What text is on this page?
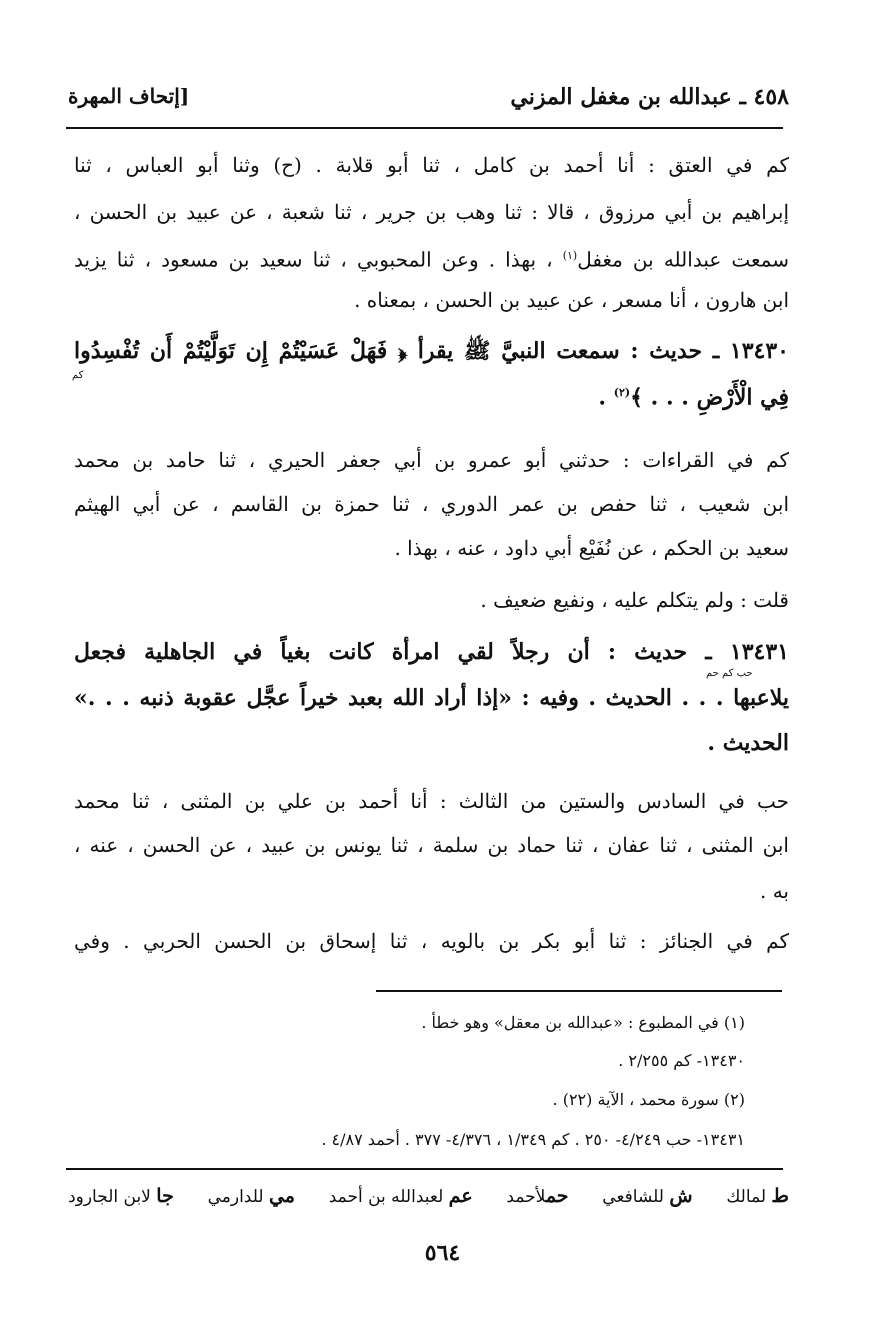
٤٥٨ ـ عبدالله بن مغفل المزني
[إتحاف المهرة
كم في العتق : أنا أحمد بن كامل ، ثنا أبو قلابة . (ح) وثنا أبو العباس ، ثنا
إبراهيم بن أبي مرزوق ، قالا : ثنا وهب بن جرير ، ثنا شعبة ، عن عبيد بن الحسن ،
سمعت عبدالله بن مغفل$^{(١)}$ ، بهذا . وعن المحبوبي ، ثنا سعيد بن مسعود ، ثنا يزيد
ابن هارون ، أنا مسعر ، عن عبيد بن الحسن ، بمعناه .
١٣٤٣٠ ـ حديث : سمعت النبيَّ ﷺ يقرأ ﴿ فَهَلْ عَسَيْتُمْ إِن تَوَلَّيْتُمْ أَن تُفْسِدُوا
كم
فِي الْأَرْضِ . . . ﴾$^{(٢)}$ .
كم في القراءات : حدثني أبو عمرو بن أبي جعفر الحيري ، ثنا حامد بن محمد
ابن شعيب ، ثنا حفص بن عمر الدوري ، ثنا حمزة بن القاسم ، عن أبي الهيثم
سعيد بن الحكم ، عن نُفَيْع أبي داود ، عنه ، بهذا .
قلت : ولم يتكلم عليه ، ونفيع ضعيف .
١٣٤٣١ ـ حديث : أن رجلاً لقي امرأة كانت بغياً في الجاهلية فجعل
حب كم حم
يلاعبها . . . الحديث . وفيه : «إذا أراد الله بعبد خيراً عجَّل عقوبة ذنبه . . .»
الحديث .
حب في السادس والستين من الثالث : أنا أحمد بن علي بن المثنى ، ثنا محمد
ابن المثنى ، ثنا عفان ، ثنا حماد بن سلمة ، ثنا يونس بن عبيد ، عن الحسن ، عنه ،
به .
كم في الجنائز : ثنا أبو بكر بن بالويه ، ثنا إسحاق بن الحسن الحربي . وفي
(١) في المطبوع : «عبدالله بن معقل» وهو خطأ .
١٣٤٣٠- كم ٢/٢٥٥ .
(٢) سورة محمد ، الآية (٢٢) .
١٣٤٣١- حب ٤/٢٤٩- ٢٥٠ . كم ١/٣٤٩ ، ٤/٣٧٦- ٣٧٧ . أحمد ٤/٨٧ .
ط لمالك
ش للشافعي
حملأحمد
عم لعبدالله بن أحمد
مي للدارمي
جا لابن الجارود
٥٦٤
